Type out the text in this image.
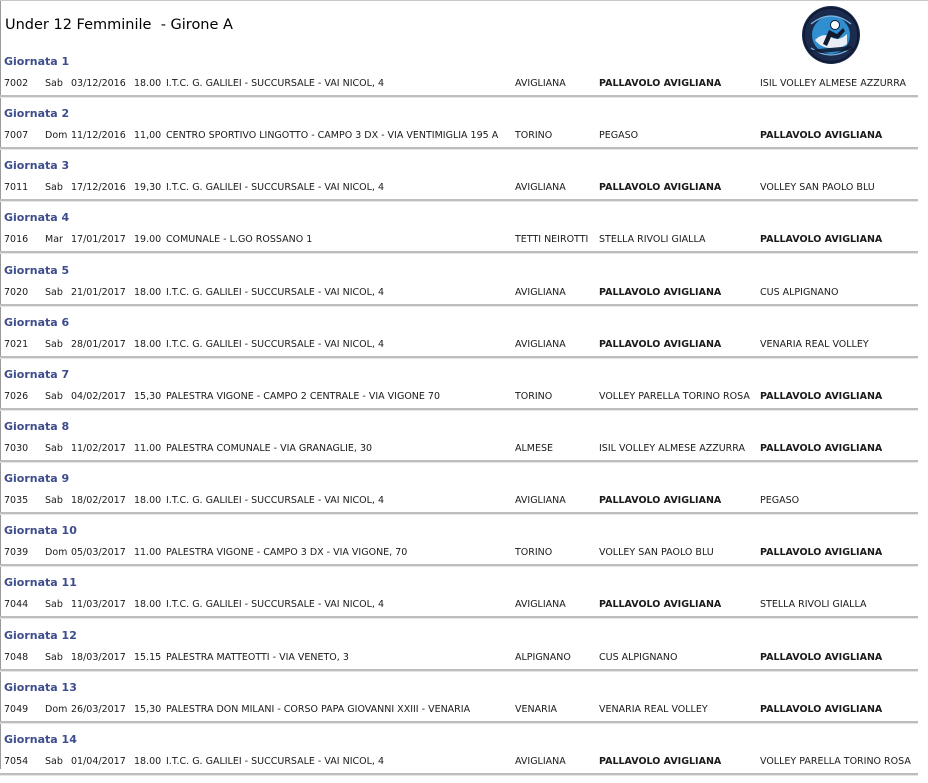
Under 12 Femminile  - Girone A
Giornata 1
7002	Sab 03/12/2016 18.00 I.T.C. G. GALILEI - SUCCURSALE - VAI NICOL, 4	AVIGLIANA	PALLAVOLO AVIGLIANA	ISIL VOLLEY ALMESE AZZURRA
Giornata 2
7007	Dom 11/12/2016 11,00 CENTRO SPORTIVO LINGOTTO - CAMPO 3 DX - VIA VENTIMIGLIA 195 A	TORINO	PEGASO	PALLAVOLO AVIGLIANA
Giornata 3
7011	Sab 17/12/2016 19,30 I.T.C. G. GALILEI - SUCCURSALE - VAI NICOL, 4	AVIGLIANA	PALLAVOLO AVIGLIANA	VOLLEY SAN PAOLO BLU
Giornata 4
7016	Mar 17/01/2017 19.00 COMUNALE - L.GO ROSSANO 1	TETTI NEIROTTI	STELLA RIVOLI GIALLA	PALLAVOLO AVIGLIANA
Giornata 5
7020	Sab 21/01/2017 18.00 I.T.C. G. GALILEI - SUCCURSALE - VAI NICOL, 4	AVIGLIANA	PALLAVOLO AVIGLIANA	CUS ALPIGNANO
Giornata 6
7021	Sab 28/01/2017 18.00 I.T.C. G. GALILEI - SUCCURSALE - VAI NICOL, 4	AVIGLIANA	PALLAVOLO AVIGLIANA	VENARIA REAL VOLLEY
Giornata 7
7026	Sab 04/02/2017 15,30 PALESTRA VIGONE - CAMPO 2 CENTRALE - VIA VIGONE 70	TORINO	VOLLEY PARELLA TORINO ROSA	PALLAVOLO AVIGLIANA
Giornata 8
7030	Sab 11/02/2017 11.00 PALESTRA COMUNALE - VIA GRANAGLIE, 30	ALMESE	ISIL VOLLEY ALMESE AZZURRA	PALLAVOLO AVIGLIANA
Giornata 9
7035	Sab 18/02/2017 18.00 I.T.C. G. GALILEI - SUCCURSALE - VAI NICOL, 4	AVIGLIANA	PALLAVOLO AVIGLIANA	PEGASO
Giornata 10
7039	Dom 05/03/2017 11.00 PALESTRA VIGONE - CAMPO 3 DX - VIA VIGONE, 70	TORINO	VOLLEY SAN PAOLO BLU	PALLAVOLO AVIGLIANA
Giornata 11
7044	Sab 11/03/2017 18.00 I.T.C. G. GALILEI - SUCCURSALE - VAI NICOL, 4	AVIGLIANA	PALLAVOLO AVIGLIANA	STELLA RIVOLI GIALLA
Giornata 12
7048	Sab 18/03/2017 15.15 PALESTRA MATTEOTTI - VIA VENETO, 3	ALPIGNANO	CUS ALPIGNANO	PALLAVOLO AVIGLIANA
Giornata 13
7049	Dom 26/03/2017 15,30 PALESTRA DON MILANI - CORSO PAPA GIOVANNI XXIII - VENARIA	VENARIA	VENARIA REAL VOLLEY	PALLAVOLO AVIGLIANA
Giornata 14
7054	Sab 01/04/2017 18.00 I.T.C. G. GALILEI - SUCCURSALE - VAI NICOL, 4	AVIGLIANA	PALLAVOLO AVIGLIANA	VOLLEY PARELLA TORINO ROSA
